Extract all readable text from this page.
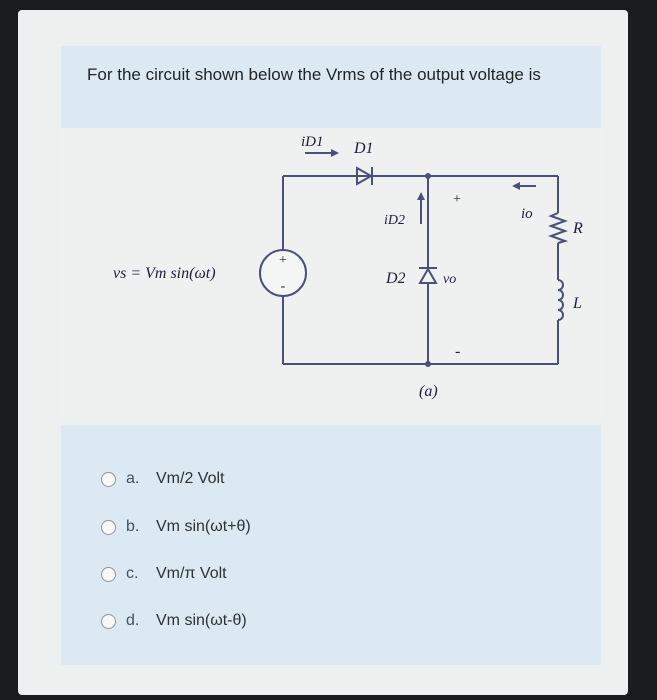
For the circuit shown below the Vrms of the output voltage is
+
-
vs = Vm sin(ωt)
iD1 D1
iD2
D2	vo
+
-
io
R
L
(a)
a.	Vm/2 Volt
b.	Vm sin(ωt+θ)
c.	Vm/π Volt
d.	Vm sin(ωt-θ)
